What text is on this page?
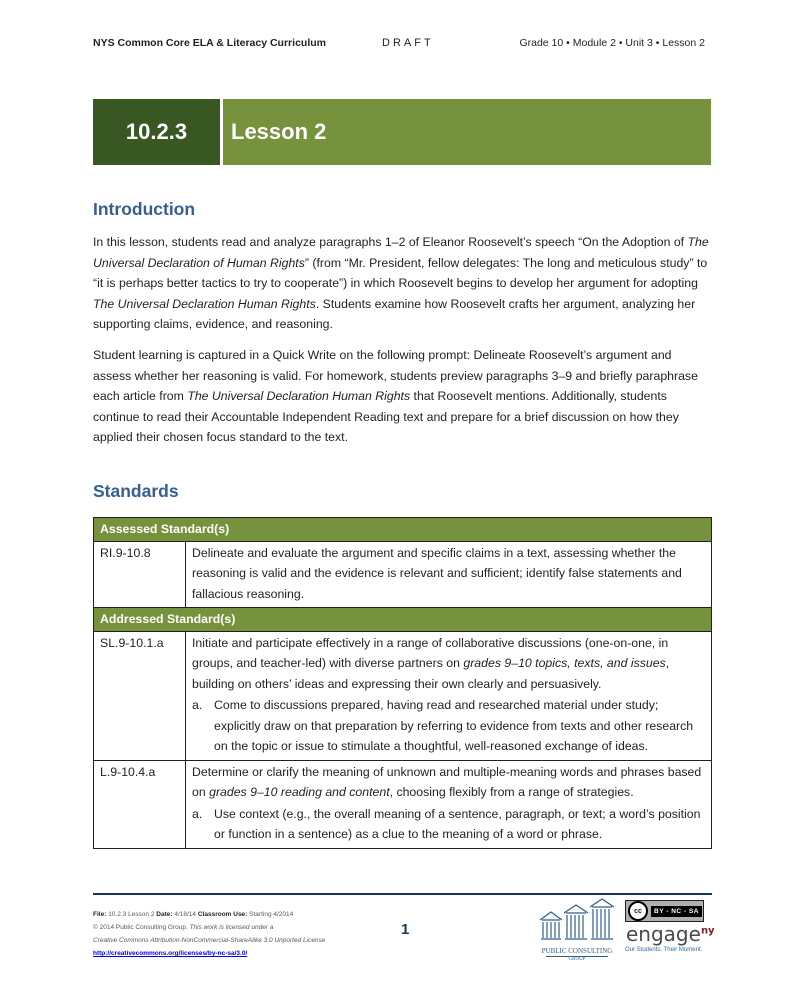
NYS Common Core ELA & Literacy Curriculum	DRAFT	Grade 10 • Module 2 • Unit 3 • Lesson 2
10.2.3	Lesson 2
Introduction

In this lesson, students read and analyze paragraphs 1–2 of Eleanor Roosevelt’s speech “On the Adoption of The Universal Declaration of Human Rights” (from “Mr. President, fellow delegates: The long and meticulous study” to “it is perhaps better tactics to try to cooperate”) in which Roosevelt begins to develop her argument for adopting The Universal Declaration Human Rights. Students examine how Roosevelt crafts her argument, analyzing her supporting claims, evidence, and reasoning.

Student learning is captured in a Quick Write on the following prompt: Delineate Roosevelt’s argument and assess whether her reasoning is valid. For homework, students preview paragraphs 3–9 and briefly paraphrase each article from The Universal Declaration Human Rights that Roosevelt mentions. Additionally, students continue to read their Accountable Independent Reading text and prepare for a brief discussion on how they applied their chosen focus standard to the text.

Standards
Assessed Standard(s)	
RI.9-10.8	Delineate and evaluate the argument and specific claims in a text, assessing whether the reasoning is valid and the evidence is relevant and sufficient; identify false statements and fallacious reasoning.

Addressed Standard(s)	
SL.9-10.1.a	Initiate and participate effectively in a range of collaborative discussions (one-on-one, in groups, and teacher-led) with diverse partners on grades 9–10 topics, texts, and issues, building on others’ ideas and expressing their own clearly and persuasively.
a. Come to discussions prepared, having read and researched material under study; explicitly draw on that preparation by referring to evidence from texts and other research on the topic or issue to stimulate a thoughtful, well-reasoned exchange of ideas.

L.9-10.4.a	Determine or clarify the meaning of unknown and multiple-meaning words and phrases based on grades 9–10 reading and content, choosing flexibly from a range of strategies.
a. Use context (e.g., the overall meaning of a sentence, paragraph, or text; a word’s position or function in a sentence) as a clue to the meaning of a word or phrase.
File: 10.2.3 Lesson 2 Date: 4/18/14 Classroom Use: Starting 4/2014
© 2014 Public Consulting Group. This work is licensed under a
Creative Commons Attribution-NonCommercial-ShareAlike 3.0 Unported License
http://creativecommons.org/licenses/by-nc-sa/3.0/
1
PUBLIC CONSULTING
GROUP
cc	BY - NC - SA
engage$^{ny}$
Our Students. Their Moment.
